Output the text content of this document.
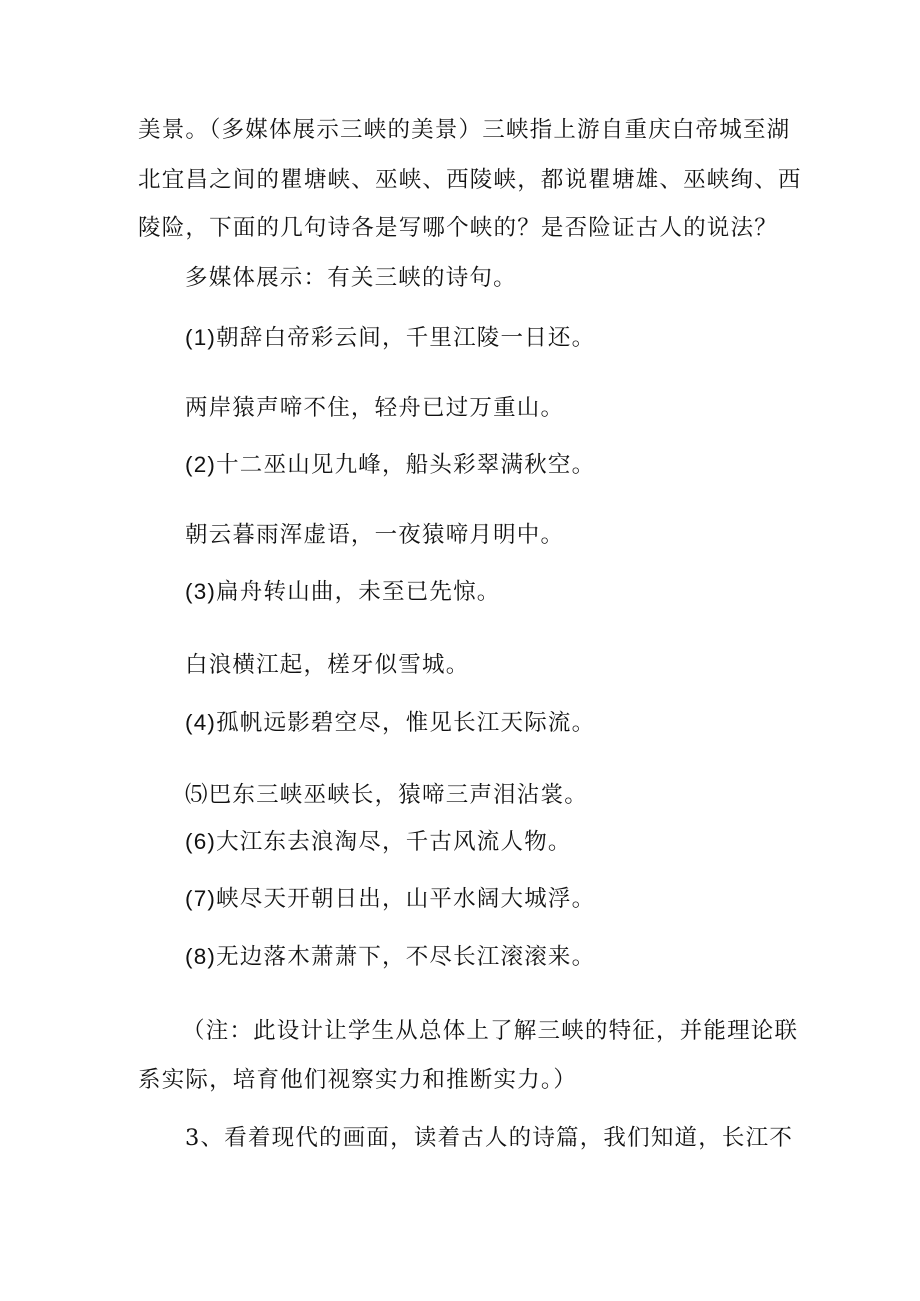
美景。（多媒体展示三峡的美景）三峡指上游自重庆白帝城至湖
北宜昌之间的瞿塘峡、巫峡、西陵峡，都说瞿塘雄、巫峡绚、西
陵险，下面的几句诗各是写哪个峡的？是否险证古人的说法？
多媒体展示：有关三峡的诗句。
(1)朝辞白帝彩云间，千里江陵一日还。
两岸猿声啼不住，轻舟已过万重山。
(2)十二巫山见九峰，船头彩翠满秋空。
朝云暮雨浑虚语，一夜猿啼月明中。
(3)扁舟转山曲，未至已先惊。
白浪横江起，槎牙似雪城。
(4)孤帆远影碧空尽，惟见长江天际流。
⑸巴东三峡巫峡长，猿啼三声泪沾裳。
(6)大江东去浪淘尽，千古风流人物。
(7)峡尽天开朝日出，山平水阔大城浮。
(8)无边落木萧萧下，不尽长江滚滚来。
（注：此设计让学生从总体上了解三峡的特征，并能理论联
系实际，培育他们视察实力和推断实力。）
3、看着现代的画面，读着古人的诗篇，我们知道，长江不
